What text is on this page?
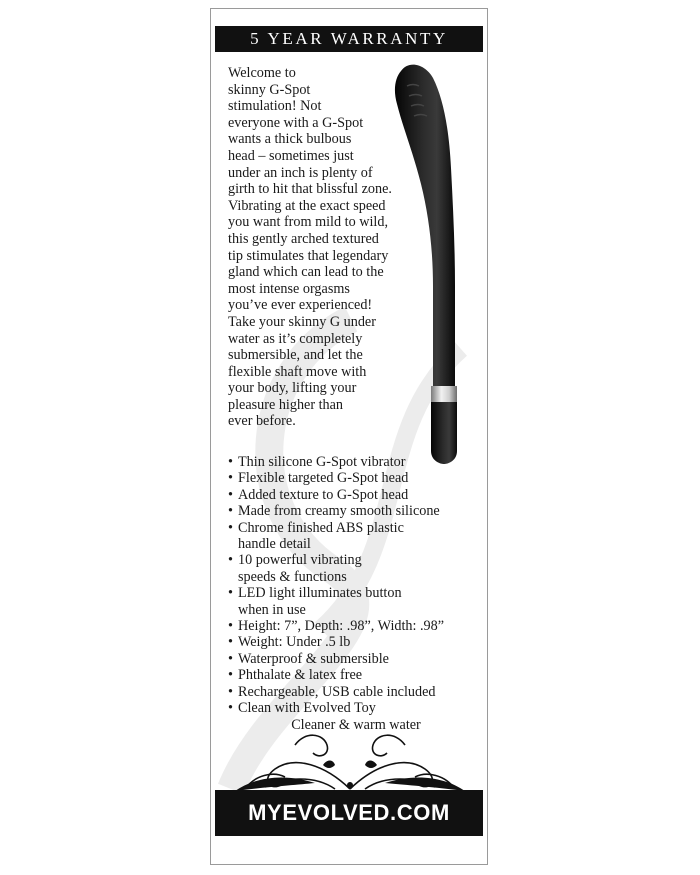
5 YEAR WARRANTY
Welcome to
skinny G-Spot
stimulation! Not
everyone with a G-Spot
wants a thick bulbous
head – sometimes just
under an inch is plenty of
girth to hit that blissful zone.
Vibrating at the exact speed
you want from mild to wild,
this gently arched textured
tip stimulates that legendary
gland which can lead to the
most intense orgasms
you’ve ever experienced!
Take your skinny G under
water as it’s completely
submersible, and let the
flexible shaft move with
your body, lifting your
pleasure higher than
ever before.
• Thin silicone G-Spot vibrator
• Flexible targeted G-Spot head
• Added texture to G-Spot head
• Made from creamy smooth silicone
• Chrome finished ABS plastic
handle detail
• 10 powerful vibrating
speeds & functions
• LED light illuminates button
when in use
• Height: 7”, Depth: .98”, Width: .98”
• Weight: Under .5 lb
• Waterproof & submersible
• Phthalate & latex free
• Rechargeable, USB cable included
• Clean with Evolved Toy
Cleaner & warm water
MYEVOLVED.COM
